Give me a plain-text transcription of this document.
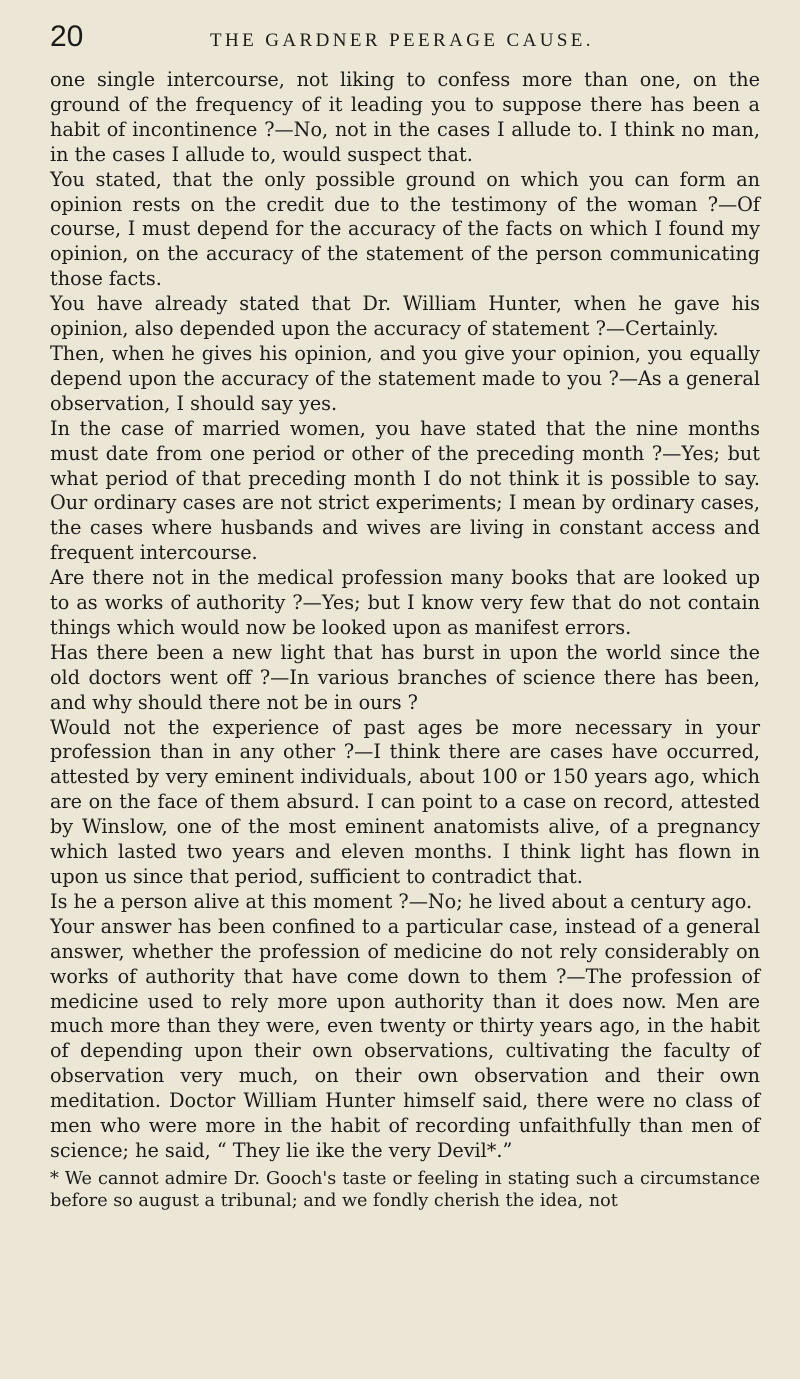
20	THE GARDNER PEERAGE CAUSE.

one single intercourse, not liking to confess more than one, on the ground of the frequency of it leading you to suppose there has been a habit of incontinence ?—No, not in the cases I allude to. I think no man, in the cases I allude to, would suspect that.

You stated, that the only possible ground on which you can form an opinion rests on the credit due to the testimony of the woman ?—Of course, I must depend for the accuracy of the facts on which I found my opinion, on the accuracy of the statement of the person communicating those facts.

You have already stated that Dr. William Hunter, when he gave his opinion, also depended upon the accuracy of statement ?—Certainly.

Then, when he gives his opinion, and you give your opinion, you equally depend upon the accuracy of the statement made to you ?—As a general observation, I should say yes.

In the case of married women, you have stated that the nine months must date from one period or other of the preceding month ?—Yes; but what period of that preceding month I do not think it is possible to say. Our ordinary cases are not strict experiments; I mean by ordinary cases, the cases where husbands and wives are living in constant access and frequent intercourse.

Are there not in the medical profession many books that are looked up to as works of authority ?—Yes; but I know very few that do not contain things which would now be looked upon as manifest errors.

Has there been a new light that has burst in upon the world since the old doctors went off ?—In various branches of science there has been, and why should there not be in ours ?

Would not the experience of past ages be more necessary in your profession than in any other ?—I think there are cases have occurred, attested by very eminent individuals, about 100 or 150 years ago, which are on the face of them absurd. I can point to a case on record, attested by Winslow, one of the most eminent anatomists alive, of a pregnancy which lasted two years and eleven months. I think light has flown in upon us since that period, sufficient to contradict that.

Is he a person alive at this moment ?—No; he lived about a century ago.

Your answer has been confined to a particular case, instead of a general answer, whether the profession of medicine do not rely considerably on works of authority that have come down to them ?—The profession of medicine used to rely more upon authority than it does now. Men are much more than they were, even twenty or thirty years ago, in the habit of depending upon their own observations, cultivating the faculty of observation very much, on their own observation and their own meditation. Doctor William Hunter himself said, there were no class of men who were more in the habit of recording unfaithfully than men of science; he said, “ They lie ike the very Devil*.”

* We cannot admire Dr. Gooch's taste or feeling in stating such a circumstance before so august a tribunal; and we fondly cherish the idea, not
